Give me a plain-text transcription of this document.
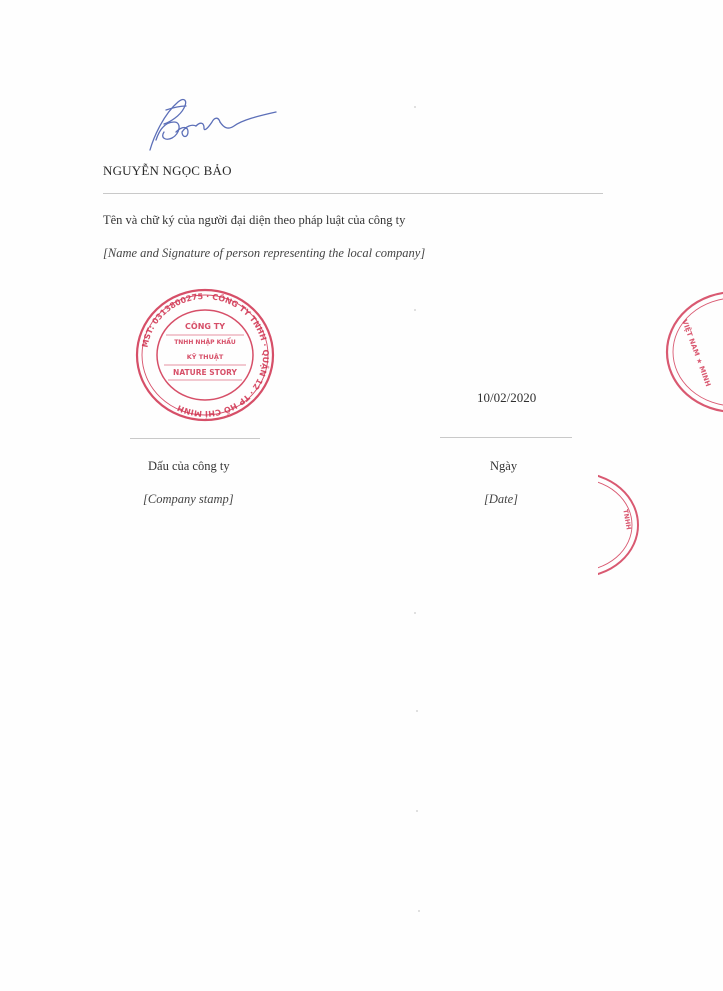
NGUYỄN NGỌC BẢO
Tên và chữ ký của người đại diện theo pháp luật của công ty
[Name and Signature of person representing the local company]
MST: 0313800275 · CÔNG TY TNHH · QUẬN 12 · TP HỒ CHÍ MINH
CÔNG TY
TNHH NHẬP KHẨU
KỸ THUẬT
NATURE STORY	VIỆT NAM ★ MINH
TNHH
10/02/2020
Dấu của công ty
[Company stamp]
Ngày
[Date]
